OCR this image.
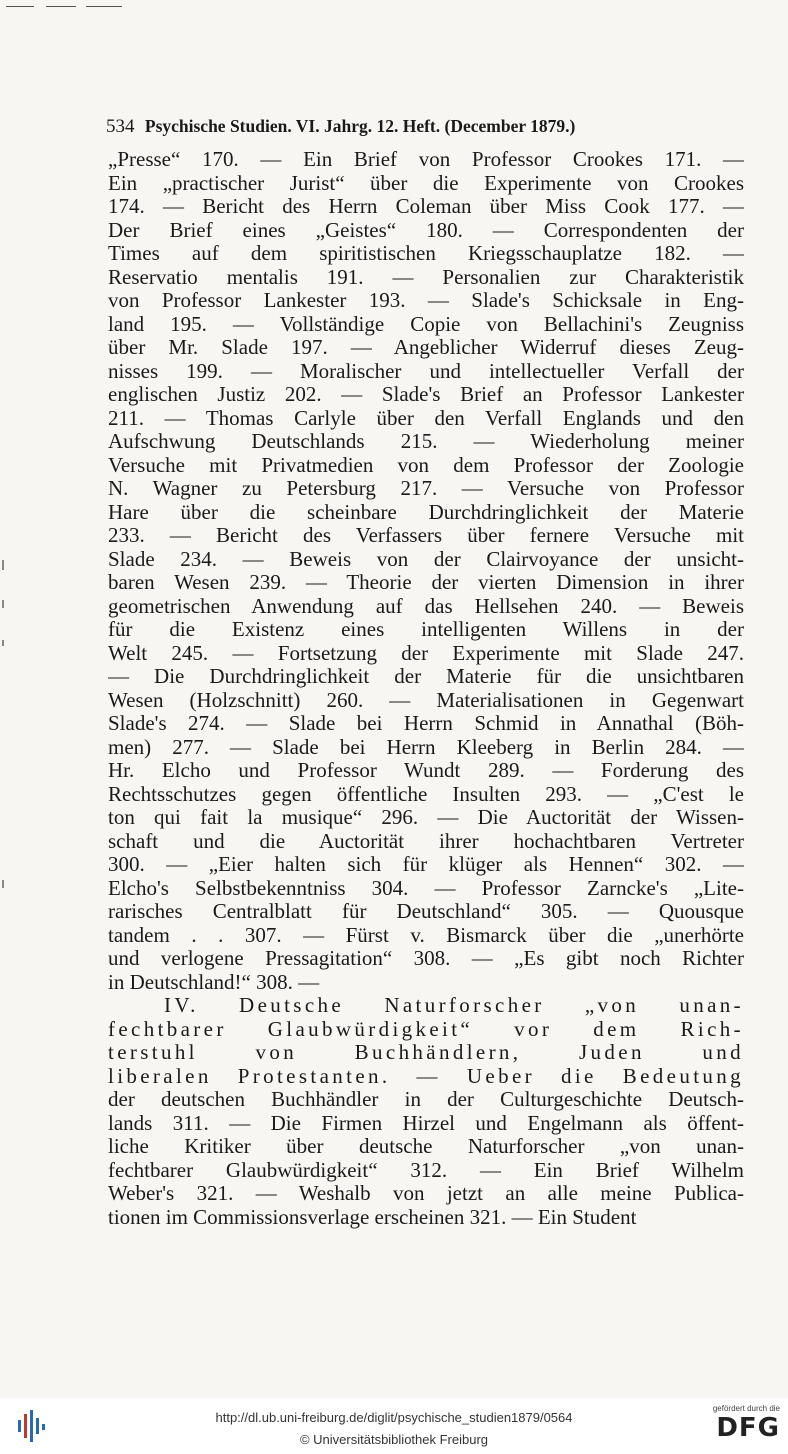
534 Psychische Studien. VI. Jahrg. 12. Heft. (December 1879.)
„Presse“ 170. — Ein Brief von Professor Crookes 171. —
Ein „practischer Jurist“ über die Experimente von Crookes
174. — Bericht des Herrn Coleman über Miss Cook 177. —
Der Brief eines „Geistes“ 180. — Correspondenten der
Times auf dem spiritistischen Kriegsschauplatze 182. —
Reservatio mentalis 191. — Personalien zur Charakteristik
von Professor Lankester 193. — Slade's Schicksale in Eng-
land 195. — Vollständige Copie von Bellachini's Zeugniss
über Mr. Slade 197. — Angeblicher Widerruf dieses Zeug-
nisses 199. — Moralischer und intellectueller Verfall der
englischen Justiz 202. — Slade's Brief an Professor Lankester
211. — Thomas Carlyle über den Verfall Englands und den
Aufschwung Deutschlands 215. — Wiederholung meiner
Versuche mit Privatmedien von dem Professor der Zoologie
N. Wagner zu Petersburg 217. — Versuche von Professor
Hare über die scheinbare Durchdringlichkeit der Materie
233. — Bericht des Verfassers über fernere Versuche mit
Slade 234. — Beweis von der Clairvoyance der unsicht-
baren Wesen 239. — Theorie der vierten Dimension in ihrer
geometrischen Anwendung auf das Hellsehen 240. — Beweis
für die Existenz eines intelligenten Willens in der
Welt 245. — Fortsetzung der Experimente mit Slade 247.
— Die Durchdringlichkeit der Materie für die unsichtbaren
Wesen (Holzschnitt) 260. — Materialisationen in Gegenwart
Slade's 274. — Slade bei Herrn Schmid in Annathal (Böh-
men) 277. — Slade bei Herrn Kleeberg in Berlin 284. —
Hr. Elcho und Professor Wundt 289. — Forderung des
Rechtsschutzes gegen öffentliche Insulten 293. — „C'est le
ton qui fait la musique“ 296. — Die Auctorität der Wissen-
schaft und die Auctorität ihrer hochachtbaren Vertreter
300. — „Eier halten sich für klüger als Hennen“ 302. —
Elcho's Selbstbekenntniss 304. — Professor Zarncke's „Lite-
rarisches Centralblatt für Deutschland“ 305. — Quousque
tandem . . 307. — Fürst v. Bismarck über die „unerhörte
und verlogene Pressagitation“ 308. — „Es gibt noch Richter
in Deutschland!“ 308. —
IV. Deutsche Naturforscher „von unan-
fechtbarer Glaubwürdigkeit“ vor dem Rich-
terstuhl von Buchhändlern, Juden und
liberalen Protestanten. — Ueber die Bedeutung
der deutschen Buchhändler in der Culturgeschichte Deutsch-
lands 311. — Die Firmen Hirzel und Engelmann als öffent-
liche Kritiker über deutsche Naturforscher „von unan-
fechtbarer Glaubwürdigkeit“ 312. — Ein Brief Wilhelm
Weber's 321. — Weshalb von jetzt an alle meine Publica-
tionen im Commissionsverlage erscheinen 321. — Ein Student
http://dl.ub.uni-freiburg.de/diglit/psychische_studien1879/0564
© Universitätsbibliothek Freiburg
gefördert durch die
DFG
